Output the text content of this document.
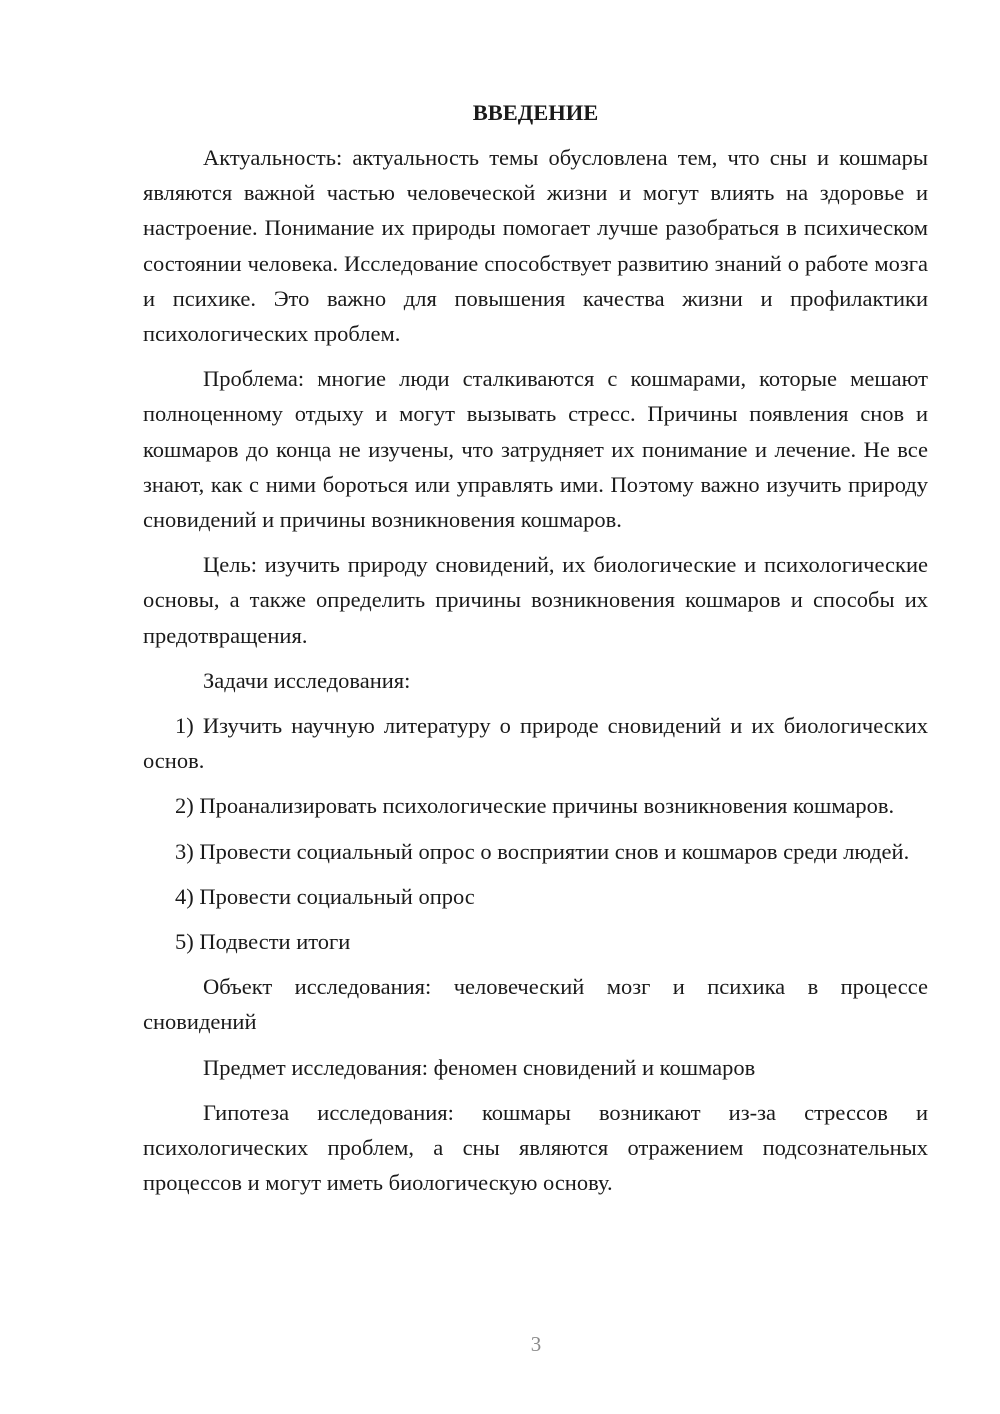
ВВЕДЕНИЕ

Актуальность: актуальность темы обусловлена тем, что сны и кошмары являются важной частью человеческой жизни и могут влиять на здоровье и настроение. Понимание их природы помогает лучше разобраться в психическом состоянии человека. Исследование способствует развитию знаний о работе мозга и психике. Это важно для повышения качества жизни и профилактики психологических проблем.

Проблема: многие люди сталкиваются с кошмарами, которые мешают полноценному отдыху и могут вызывать стресс. Причины появления снов и кошмаров до конца не изучены, что затрудняет их понимание и лечение. Не все знают, как с ними бороться или управлять ими. Поэтому важно изучить природу сновидений и причины возникновения кошмаров.

Цель: изучить природу сновидений, их биологические и психологические основы, а также определить причины возникновения кошмаров и способы их предотвращения.

Задачи исследования:

1) Изучить научную литературу о природе сновидений и их биологических основ.

2) Проанализировать психологические причины возникновения кошмаров.

3) Провести социальный опрос о восприятии снов и кошмаров среди людей.

4) Провести социальный опрос

5) Подвести итоги

Объект исследования: человеческий мозг и психика в процессе сновидений

Предмет исследования: феномен сновидений и кошмаров

Гипотеза исследования: кошмары возникают из-за стрессов и психологических проблем, а сны являются отражением подсознательных процессов и могут иметь биологическую основу.

3
